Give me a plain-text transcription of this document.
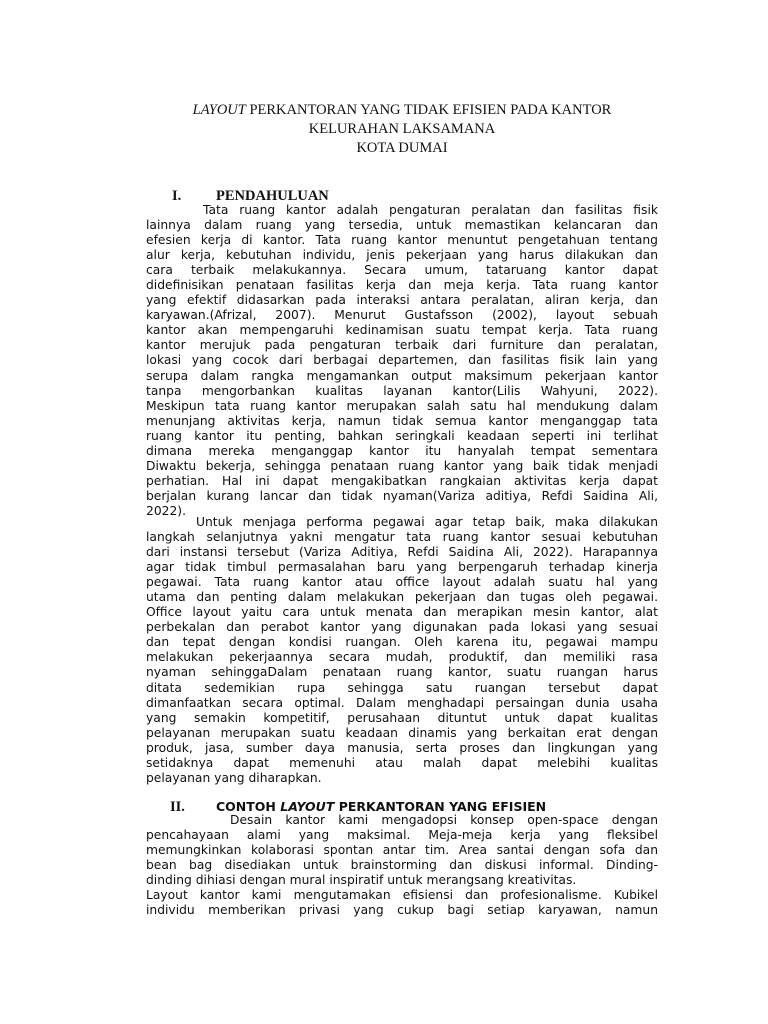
LAYOUT PERKANTORAN YANG TIDAK EFISIEN PADA KANTOR
KELURAHAN LAKSAMANA
KOTA DUMAI
I. PENDAHULUAN
Tata ruang kantor adalah pengaturan peralatan dan fasilitas fisik
lainnya dalam ruang yang tersedia, untuk memastikan kelancaran dan
efesien kerja di kantor. Tata ruang kantor menuntut pengetahuan tentang
alur kerja, kebutuhan individu, jenis pekerjaan yang harus dilakukan dan
cara terbaik melakukannya. Secara umum, tataruang kantor dapat
didefinisikan penataan fasilitas kerja dan meja kerja. Tata ruang kantor
yang efektif didasarkan pada interaksi antara peralatan, aliran kerja, dan
karyawan.(Afrizal, 2007). Menurut Gustafsson (2002), layout sebuah
kantor akan mempengaruhi kedinamisan suatu tempat kerja. Tata ruang
kantor merujuk pada pengaturan terbaik dari furniture dan peralatan,
lokasi yang cocok dari berbagai departemen, dan fasilitas fisik lain yang
serupa dalam rangka mengamankan output maksimum pekerjaan kantor
tanpa mengorbankan kualitas layanan kantor(Lilis Wahyuni, 2022).
Meskipun tata ruang kantor merupakan salah satu hal mendukung dalam
menunjang aktivitas kerja, namun tidak semua kantor menganggap tata
ruang kantor itu penting, bahkan seringkali keadaan seperti ini terlihat
dimana mereka menganggap kantor itu hanyalah tempat sementara
Diwaktu bekerja, sehingga penataan ruang kantor yang baik tidak menjadi
perhatian. Hal ini dapat mengakibatkan rangkaian aktivitas kerja dapat
berjalan kurang lancar dan tidak nyaman(Variza aditiya, Refdi Saidina Ali,
2022).
Untuk menjaga performa pegawai agar tetap baik, maka dilakukan
langkah selanjutnya yakni mengatur tata ruang kantor sesuai kebutuhan
dari instansi tersebut (Variza Aditiya, Refdi Saidina Ali, 2022). Harapannya
agar tidak timbul permasalahan baru yang berpengaruh terhadap kinerja
pegawai. Tata ruang kantor atau office layout adalah suatu hal yang
utama dan penting dalam melakukan pekerjaan dan tugas oleh pegawai.
Office layout yaitu cara untuk menata dan merapikan mesin kantor, alat
perbekalan dan perabot kantor yang digunakan pada lokasi yang sesuai
dan tepat dengan kondisi ruangan. Oleh karena itu, pegawai mampu
melakukan pekerjaannya secara mudah, produktif, dan memiliki rasa
nyaman sehinggaDalam penataan ruang kantor, suatu ruangan harus
ditata sedemikian rupa sehingga satu ruangan tersebut dapat
dimanfaatkan secara optimal. Dalam menghadapi persaingan dunia usaha
yang semakin kompetitif, perusahaan dituntut untuk dapat kualitas
pelayanan merupakan suatu keadaan dinamis yang berkaitan erat dengan
produk, jasa, sumber daya manusia, serta proses dan lingkungan yang
setidaknya dapat memenuhi atau malah dapat melebihi kualitas
pelayanan yang diharapkan.
II. CONTOH LAYOUT PERKANTORAN YANG EFISIEN
Desain kantor kami mengadopsi konsep open-space dengan
pencahayaan alami yang maksimal. Meja-meja kerja yang fleksibel
memungkinkan kolaborasi spontan antar tim. Area santai dengan sofa dan
bean bag disediakan untuk brainstorming dan diskusi informal. Dinding-
dinding dihiasi dengan mural inspiratif untuk merangsang kreativitas.
Layout kantor kami mengutamakan efisiensi dan profesionalisme. Kubikel
individu memberikan privasi yang cukup bagi setiap karyawan, namun
